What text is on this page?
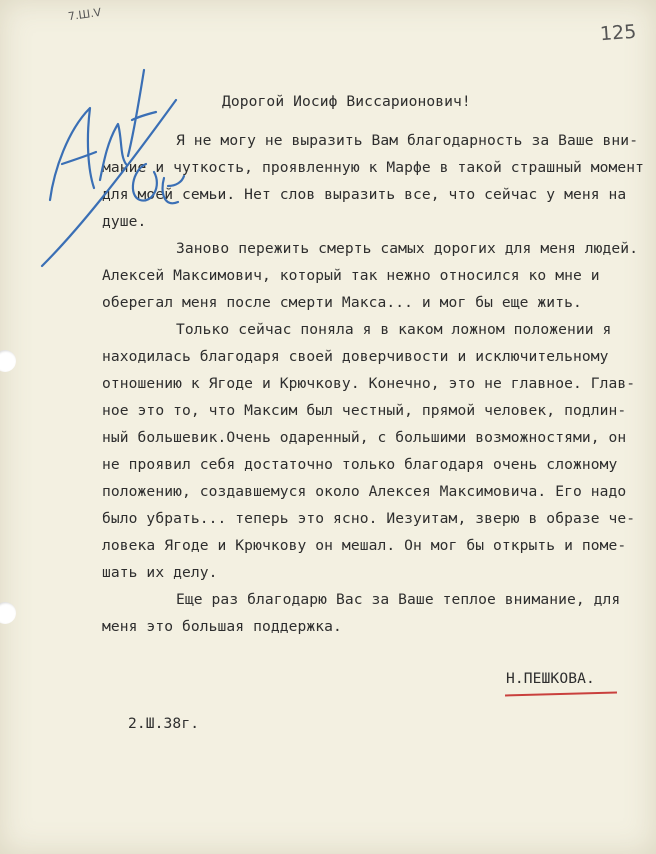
7.Ш.V
125
Дорогой Иосиф Виссарионович!
Я не могу не выразить Вам благодарность за Ваше вни-
мание и чуткость, проявленную к Марфе в такой страшный момент
для моей семьи. Нет слов выразить все, что сейчас у меня на
душе.
Заново пережить смерть самых дорогих для меня людей.
Алексей Максимович, который так нежно относился ко мне и
оберегал меня после смерти Макса... и мог бы еще жить.
Только сейчас поняла я в каком ложном положении я
находилась благодаря своей доверчивости и исключительному
отношению к Ягоде и Крючкову. Конечно, это не главное. Глав-
ное это то, что Максим был честный, прямой человек, подлин-
ный большевик.Очень одаренный, с большими возможностями, он
не проявил себя достаточно только благодаря очень сложному
положению, создавшемуся около Алексея Максимовича. Его надо
было убрать... теперь это ясно. Иезуитам, зверю в образе че-
ловека Ягоде и Крючкову он мешал. Он мог бы открыть и поме-
шать их делу.
Еще раз благодарю Вас за Ваше теплое внимание, для
меня это большая поддержка.
Н.ПЕШКОВА.
2.Ш.38г.
